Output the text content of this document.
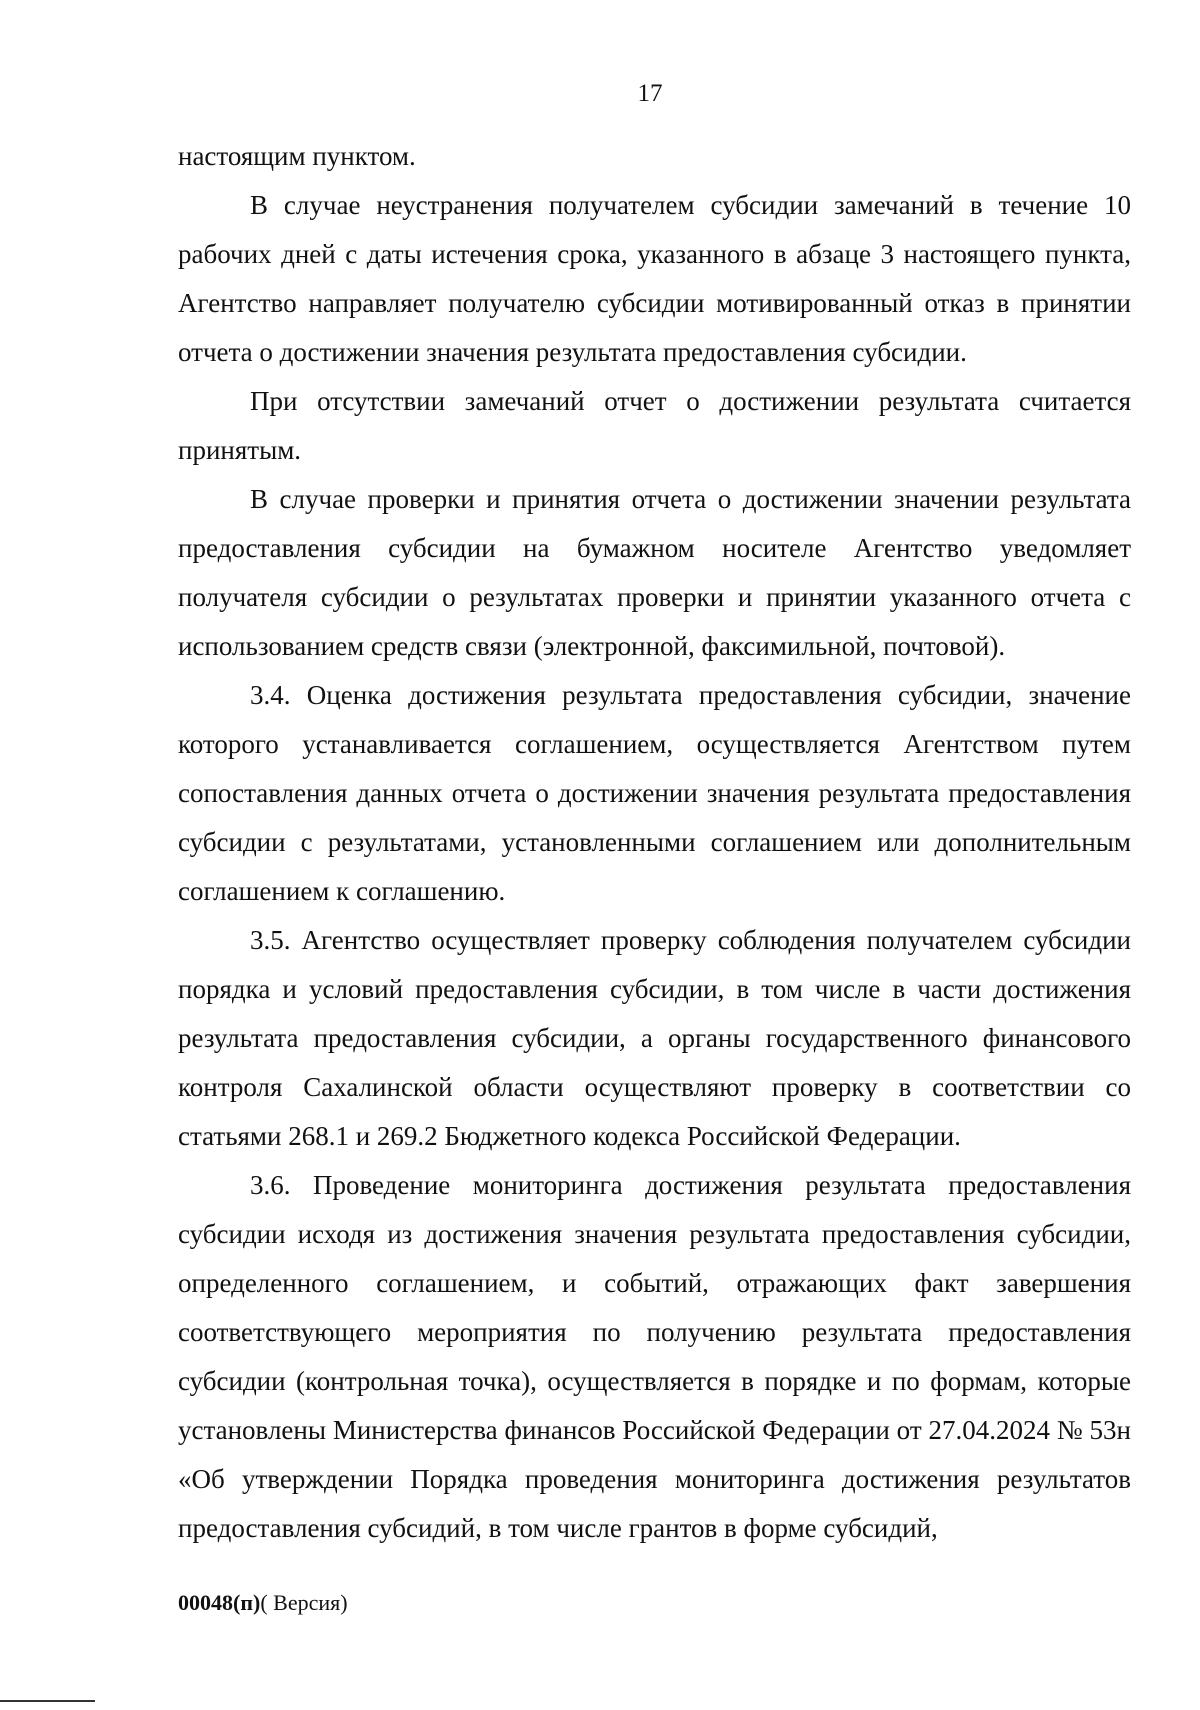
17

настоящим пунктом.

В случае неустранения получателем субсидии замечаний в течение 10 рабочих дней с даты истечения срока, указанного в абзаце 3 настоящего пункта, Агентство направляет получателю субсидии мотивированный отказ в принятии отчета о достижении значения результата предоставления субсидии.

При отсутствии замечаний отчет о достижении результата считается принятым.

В случае проверки и принятия отчета о достижении значении результата предоставления субсидии на бумажном носителе Агентство уведомляет получателя субсидии о результатах проверки и принятии указанного отчета с использованием средств связи (электронной, факсимильной, почтовой).

3.4. Оценка достижения результата предоставления субсидии, значение которого устанавливается соглашением, осуществляется Агентством путем сопоставления данных отчета о достижении значения результата предоставления субсидии с результатами, установленными соглашением или дополнительным соглашением к соглашению.

3.5. Агентство осуществляет проверку соблюдения получателем субсидии порядка и условий предоставления субсидии, в том числе в части достижения результата предоставления субсидии, а органы государственного финансового контроля Сахалинской области осуществляют проверку в соответствии со статьями 268.1 и 269.2 Бюджетного кодекса Российской Федерации.

3.6. Проведение мониторинга достижения результата предоставления субсидии исходя из достижения значения результата предоставления субсидии, определенного соглашением, и событий, отражающих факт завершения соответствующего мероприятия по получению результата предоставления субсидии (контрольная точка), осуществляется в порядке и по формам, которые установлены Министерства финансов Российской Федерации от 27.04.2024 № 53н «Об утверждении Порядка проведения мониторинга достижения результатов предоставления субсидий, в том числе грантов в форме субсидий,

00048(п)( Версия)
